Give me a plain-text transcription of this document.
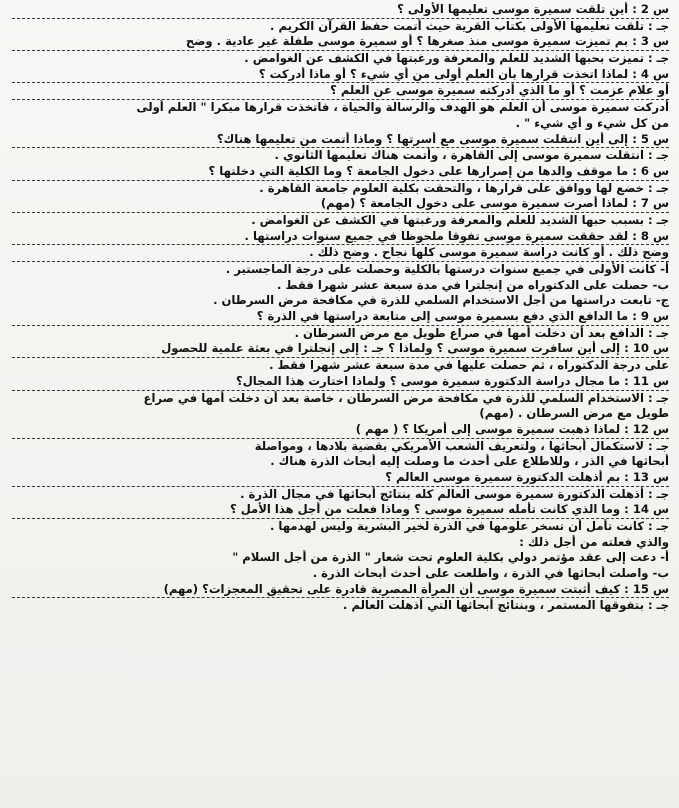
س 2 : أين تلقت سميرة موسى تعليمها الأولى ؟
جـ : تلقت تعليمها الأولى بكتاب القرية حيث أتمت حفظ القرآن الكريم .
س 3 : بم تميزت سميرة موسى منذ صغرها ؟ أو سميرة موسى طفلة غير عادية . وضح
جـ : تميزت بحبها الشديد للعلم والمعرفة ورغبتها في الكشف عن الغوامض .
س 4 : لماذا اتخذت قرارها بأن العلم أولى من أي شيء ؟ أو ماذا أدركت ؟
أو علام عزمت ؟ أو ما الذي أدركته سميرة موسى عن العلم ؟
أدركت سميرة موسى أن العلم هو الهدف والرسالة والحياة ، فاتخذت قرارها مبكرا " العلم أولى
من كل شيء و أي شيء " .
س 5 : إلى أين انتقلت سميرة موسى مع أسرتها ؟ وماذا أتمت من تعليمها هناك؟
جـ : انتقلت سميرة موسى إلى القاهرة ، وأتمت هناك تعليمها الثانوي .
س 6 : ما موقف والدها من إصرارها على دخول الجامعة ؟ وما الكلية التي دخلتها ؟
جـ : خضع لها ووافق على قرارها ، والتحقت بكلية العلوم جامعة القاهرة .
س 7 : لماذا أصرت سميرة موسى على دخول الجامعة ؟ (مهم)
جـ : بسبب حبها الشديد للعلم والمعرفة ورغبتها في الكشف عن الغوامض .
س 8 : لقد حققت سميرة موسى تفوقا ملحوظا في جميع سنوات دراستها .
وضح ذلك . أو كانت دراسة سميرة موسى كلها نجاح . وضح ذلك .
أ- كانت الأولى في جميع سنوات درستها بالكلية وحصلت على درجة الماجستير .
ب- حصلت على الدكتوراه من إنجلترا في مدة سبعة عشر شهرا فقط .
ج- تابعت دراستها من أجل الاستخدام السلمي للذرة في مكافحة مرض السرطان .
س 9 : ما الدافع الذي دفع بسميرة موسى إلى متابعة دراستها في الذرة ؟
جـ : الدافع بعد أن دخلت أمها في صراع طويل مع مرض السرطان .
س 10 : إلى أين سافرت سميرة موسى ؟ ولماذا ؟ جـ : إلى إنجلترا في بعثة علمية للحصول
على درجة الدكتوراه ، ثم حصلت عليها في مدة سبعة عشر شهرا فقط .
س 11 : ما مجال دراسة الدكتورة سميرة موسى ؟ ولماذا اختارت هذا المجال؟
جـ : الاستخدام السلمي للذرة في مكافحة مرض السرطان ، خاصة بعد أن دخلت أمها في صراع
طويل مع مرض السرطان . (مهم)
س 12 : لماذا ذهبت سميرة موسى إلى أمريكا ؟ ( مهم )
جـ : لاستكمال أبحاثها ، ولتعريف الشعب الأمريكي بقضية بلادها ، ومواصلة
أبحاثها في الذر ، وللاطلاع على أحدث ما وصلت إليه أبحاث الذرة هناك .
س 13 : بم أذهلت الدكتورة سميرة موسى العالم ؟
جـ : أذهلت الدكتورة سميرة موسى العالم كله بنتائج أبحاثها في مجال الذرة .
س 14 : وما الذي كانت تأمله سميرة موسى ؟ وماذا فعلت من أجل هذا الأمل ؟
جـ : كانت تأمل أن تسخر علومها في الذرة لخير البشرية وليس لهدمها .
والذي فعلته من أجل ذلك :
أ- دعت إلى عقد مؤتمر دولي بكلية العلوم تحت شعار " الذرة من أجل السلام "
ب- واصلت أبحاثها في الذرة ، واطلعت على أحدث أبحاث الذرة .
س 15 : كيف أثبتت سميرة موسى أن المرأة المصرية قادرة على تحقيق المعجزات؟ (مهم)
جـ : بتفوقها المستمر ، وبنتائج أبحاثها التي أذهلت العالم .
